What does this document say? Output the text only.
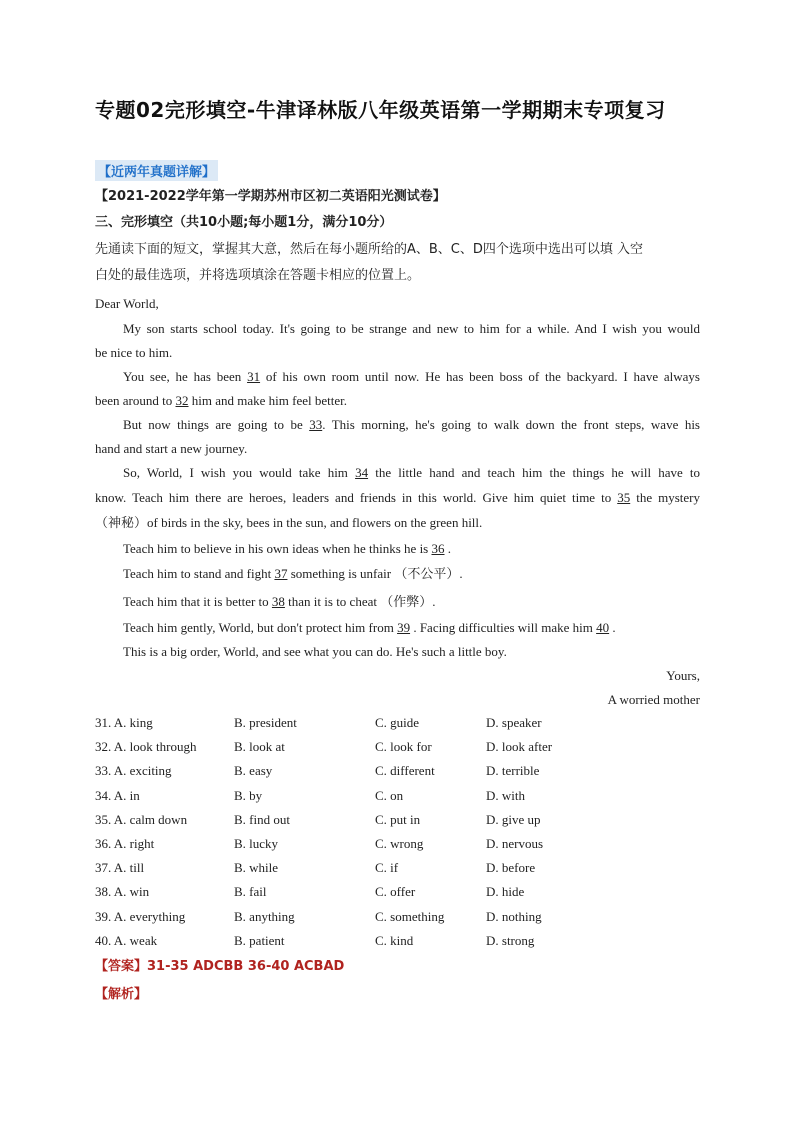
专题02完形填空-牛津译林版八年级英语第一学期期末专项复习
【近两年真题详解】
【2021-2022学年第一学期苏州市区初二英语阳光测试卷】
三、完形填空（共10小题;每小题1分，满分10分）
先通读下面的短文，掌握其大意，然后在每小题所给的A、B、C、D四个选项中选出可以填 入空
白处的最佳选项，并将选项填涂在答题卡相应的位置上。
Dear World,
My son starts school today. It's going to be strange and new to him for a while. And I wish you would
be nice to him.
You see, he has been 31 of his own room until now. He has been boss of the backyard. I have always
been around to 32 him and make him feel better.
But now things are going to be 33. This morning, he's going to walk down the front steps, wave his
hand and start a new journey.
So, World, I wish you would take him 34 the little hand and teach him the things he will have to
know. Teach him there are heroes, leaders and friends in this world. Give him quiet time to 35 the mystery
（神秘）of birds in the sky, bees in the sun, and flowers on the green hill.
Teach him to believe in his own ideas when he thinks he is 36 .
Teach him to stand and fight 37 something is unfair （不公平）.
Teach him that it is better to 38 than it is to cheat （作弊）.
Teach him gently, World, but don't protect him from 39 . Facing difficulties will make him 40 .
This is a big order, World, and see what you can do. He's such a little boy.
Yours,
A worried mother
31. A. king	B. president	C. guide	D. speaker
32. A. look through	B. look at	C. look for	D. look after
33. A. exciting	B. easy	C. different	D. terrible
34. A. in	B. by	C. on	D. with
35. A. calm down	B. find out	C. put in	D. give up
36. A. right	B. lucky	C. wrong	D. nervous
37. A. till	B. while	C. if	D. before
38. A. win	B. fail	C. offer	D. hide
39. A. everything	B. anything	C. something	D. nothing
40. A. weak	B. patient	C. kind	D. strong
【答案】31-35 ADCBB 36-40 ACBAD
【解析】
